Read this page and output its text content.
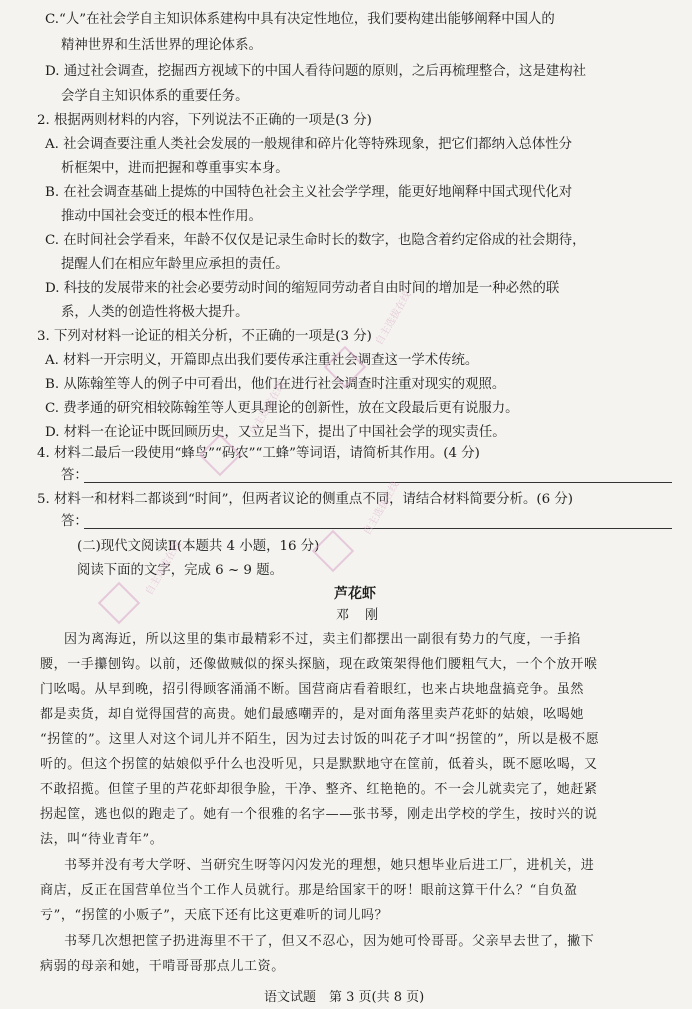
C.“人”在社会学自主知识体系建构中具有决定性地位，我们要构建出能够阐释中国人的
精神世界和生活世界的理论体系。
D. 通过社会调查，挖掘西方视域下的中国人看待问题的原则，之后再梳理整合，这是建构社
会学自主知识体系的重要任务。
2. 根据两则材料的内容，下列说法不正确的一项是(3 分)
A. 社会调查要注重人类社会发展的一般规律和碎片化等特殊现象，把它们都纳入总体性分
析框架中，进而把握和尊重事实本身。
B. 在社会调查基础上提炼的中国特色社会主义社会学学理，能更好地阐释中国式现代化对
推动中国社会变迁的根本性作用。
C. 在时间社会学看来，年龄不仅仅是记录生命时长的数字，也隐含着约定俗成的社会期待，
提醒人们在相应年龄里应承担的责任。
D. 科技的发展带来的社会必要劳动时间的缩短同劳动者自由时间的增加是一种必然的联
系，人类的创造性将极大提升。
3. 下列对材料一论证的相关分析，不正确的一项是(3 分)
A. 材料一开宗明义，开篇即点出我们要传承注重社会调查这一学术传统。
B. 从陈翰笙等人的例子中可看出，他们在进行社会调查时注重对现实的观照。
C. 费孝通的研究相较陈翰笙等人更具理论的创新性，放在文段最后更有说服力。
D. 材料一在论证中既回顾历史，又立足当下，提出了中国社会学的现实责任。
4. 材料二最后一段使用“蜂鸟”“码农”“工蜂”等词语，请简析其作用。(4 分)
答：
5. 材料一和材料二都谈到“时间”，但两者议论的侧重点不同，请结合材料简要分析。(6 分)
答：
(二)现代文阅读Ⅱ(本题共 4 小题，16 分)
阅读下面的文字，完成 6 ~ 9 题。
芦花虾
邓 刚
因为离海近，所以这里的集市最精彩不过，卖主们都摆出一副很有势力的气度，一手掐
腰，一手攥刨钩。以前，还像做贼似的探头探脑，现在政策架得他们腰粗气大，一个个放开喉
门吆喝。从早到晚，招引得顾客涌涌不断。国营商店看着眼红，也来占块地盘搞竞争。虽然
都是卖货，却自觉得国营的高贵。她们最感嘲弄的，是对面角落里卖芦花虾的姑娘，吆喝她
“拐筐的”。这里人对这个词儿并不陌生，因为过去讨饭的叫花子才叫“拐筐的”，所以是极不愿
听的。但这个拐筐的姑娘似乎什么也没听见，只是默默地守在筐前，低着头，既不愿吆喝，又
不敢招揽。但筐子里的芦花虾却很争脸，干净、整齐、红艳艳的。不一会儿就卖完了，她赶紧
拐起筐，逃也似的跑走了。她有一个很雅的名字——张书琴，刚走出学校的学生，按时兴的说
法，叫“待业青年”。
书琴并没有考大学呀、当研究生呀等闪闪发光的理想，她只想毕业后进工厂，进机关，进
商店，反正在国营单位当个工作人员就行。那是给国家干的呀！眼前这算干什么？“自负盈
亏”，“拐筐的小贩子”，天底下还有比这更难听的词儿吗？
书琴几次想把筐子扔进海里不干了，但又不忍心，因为她可怜哥哥。父亲早去世了，撇下
病弱的母亲和她，干啃哥哥那点儿工资。
语文试题　第 3 页(共 8 页)
自主选拔在线
自主选拔在线
自主选拔在线
自主选拔在线
